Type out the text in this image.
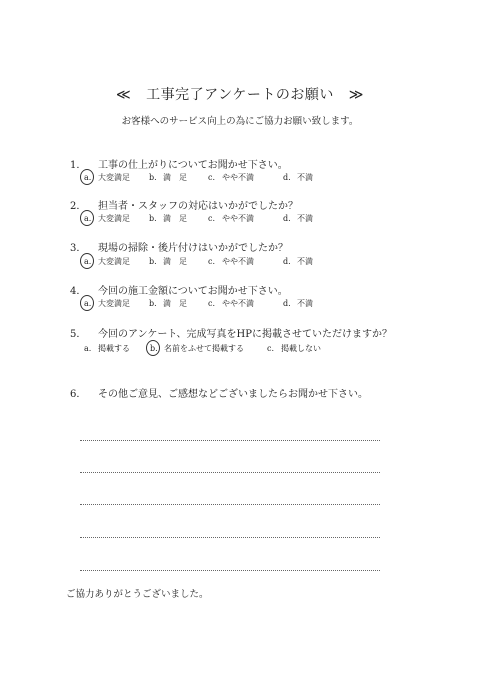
≪ 工事完了アンケートのお願い ≫
お客様へのサービス向上の為にご協力お願い致します。
1． 工事の仕上がりについてお聞かせ下さい。
a. 大変満足 b. 満　足	c. やや不満	d. 不満
2． 担当者・スタッフの対応はいかがでしたか？
a. 大変満足 b. 満　足	c. やや不満	d. 不満
3． 現場の掃除・後片付けはいかがでしたか？
a. 大変満足 b. 満　足	c. やや不満	d. 不満
4． 今回の施工金額についてお聞かせ下さい。
a. 大変満足 b. 満　足	c. やや不満	d. 不満
5． 今回のアンケート、完成写真をHPに掲載させていただけますか？
a. 掲載する	b. 名前をふせて掲載する	c. 掲載しない
6． その他ご意見、ご感想などございましたらお聞かせ下さい。
ご協力ありがとうございました。
